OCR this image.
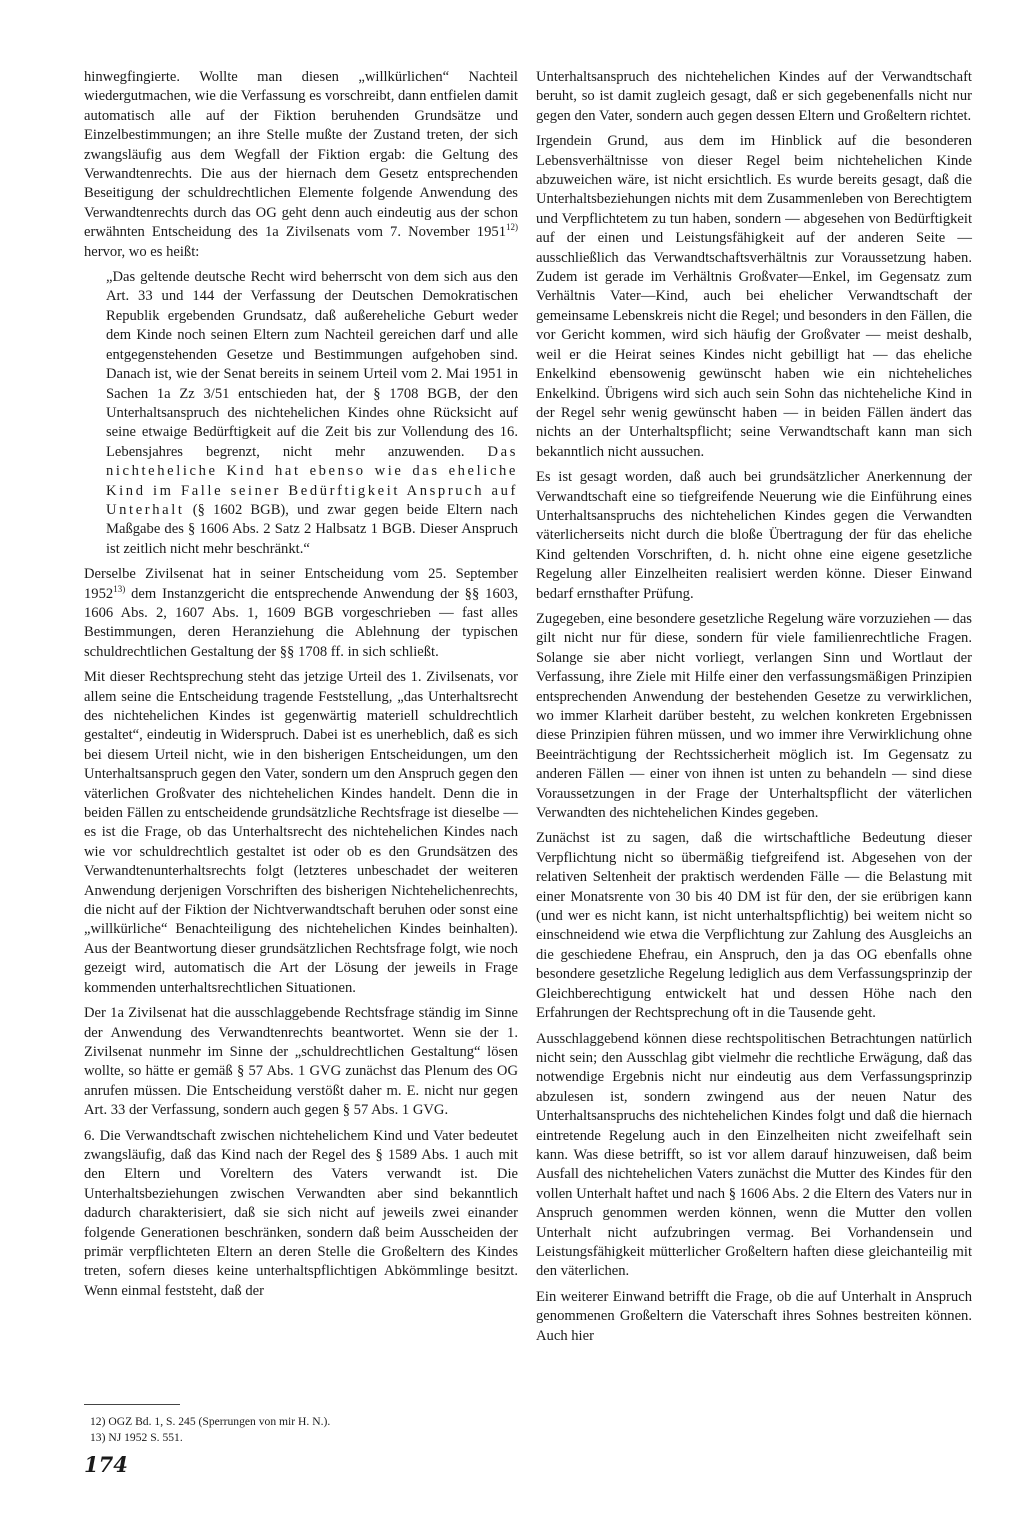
hinwegfingierte. Wollte man diesen „willkürlichen“ Nachteil wiedergutmachen, wie die Verfassung es vorschreibt, dann entfielen damit automatisch alle auf der Fiktion beruhenden Grundsätze und Einzelbestimmungen; an ihre Stelle mußte der Zustand treten, der sich zwangsläufig aus dem Wegfall der Fiktion ergab: die Geltung des Verwandtenrechts. Die aus der hiernach dem Gesetz entsprechenden Beseitigung der schuldrechtlichen Elemente folgende Anwendung des Verwandtenrechts durch das OG geht denn auch eindeutig aus der schon erwähnten Entscheidung des 1a Zivilsenats vom 7. November 1951$^{12)}$ hervor, wo es heißt:

„Das geltende deutsche Recht wird beherrscht von dem sich aus den Art. 33 und 144 der Verfassung der Deutschen Demokratischen Republik ergebenden Grundsatz, daß außereheliche Geburt weder dem Kinde noch seinen Eltern zum Nachteil gereichen darf und alle entgegenstehenden Gesetze und Bestimmungen aufgehoben sind. Danach ist, wie der Senat bereits in seinem Urteil vom 2. Mai 1951 in Sachen 1a Zz 3/51 entschieden hat, der § 1708 BGB, der den Unterhaltsanspruch des nichtehelichen Kindes ohne Rücksicht auf seine etwaige Bedürftigkeit auf die Zeit bis zur Vollendung des 16. Lebensjahres begrenzt, nicht mehr anzuwenden. Das nichteheliche Kind hat ebenso wie das eheliche Kind im Falle seiner Bedürftigkeit Anspruch auf Unterhalt (§ 1602 BGB), und zwar gegen beide Eltern nach Maßgabe des § 1606 Abs. 2 Satz 2 Halbsatz 1 BGB. Dieser Anspruch ist zeitlich nicht mehr beschränkt.“

Derselbe Zivilsenat hat in seiner Entscheidung vom 25. September 1952$^{13)}$ dem Instanzgericht die entsprechende Anwendung der §§ 1603, 1606 Abs. 2, 1607 Abs. 1, 1609 BGB vorgeschrieben — fast alles Bestimmungen, deren Heranziehung die Ablehnung der typischen schuldrechtlichen Gestaltung der §§ 1708 ff. in sich schließt.

Mit dieser Rechtsprechung steht das jetzige Urteil des 1. Zivilsenats, vor allem seine die Entscheidung tragende Feststellung, „das Unterhaltsrecht des nichtehelichen Kindes ist gegenwärtig materiell schuldrechtlich gestaltet“, eindeutig in Widerspruch. Dabei ist es unerheblich, daß es sich bei diesem Urteil nicht, wie in den bisherigen Entscheidungen, um den Unterhaltsanspruch gegen den Vater, sondern um den Anspruch gegen den väterlichen Großvater des nichtehelichen Kindes handelt. Denn die in beiden Fällen zu entscheidende grundsätzliche Rechtsfrage ist dieselbe — es ist die Frage, ob das Unterhaltsrecht des nichtehelichen Kindes nach wie vor schuldrechtlich gestaltet ist oder ob es den Grundsätzen des Verwandtenunterhaltsrechts folgt (letzteres unbeschadet der weiteren Anwendung derjenigen Vorschriften des bisherigen Nichtehelichenrechts, die nicht auf der Fiktion der Nichtverwandtschaft beruhen oder sonst eine „willkürliche“ Benachteiligung des nichtehelichen Kindes beinhalten). Aus der Beantwortung dieser grundsätzlichen Rechtsfrage folgt, wie noch gezeigt wird, automatisch die Art der Lösung der jeweils in Frage kommenden unterhaltsrechtlichen Situationen.

Der 1a Zivilsenat hat die ausschlaggebende Rechtsfrage ständig im Sinne der Anwendung des Verwandtenrechts beantwortet. Wenn sie der 1. Zivilsenat nunmehr im Sinne der „schuldrechtlichen Gestaltung“ lösen wollte, so hätte er gemäß § 57 Abs. 1 GVG zunächst das Plenum des OG anrufen müssen. Die Entscheidung verstößt daher m. E. nicht nur gegen Art. 33 der Verfassung, sondern auch gegen § 57 Abs. 1 GVG.

6. Die Verwandtschaft zwischen nichtehelichem Kind und Vater bedeutet zwangsläufig, daß das Kind nach der Regel des § 1589 Abs. 1 auch mit den Eltern und Voreltern des Vaters verwandt ist. Die Unterhaltsbeziehungen zwischen Verwandten aber sind bekanntlich dadurch charakterisiert, daß sie sich nicht auf jeweils zwei einander folgende Generationen beschränken, sondern daß beim Ausscheiden der primär verpflichteten Eltern an deren Stelle die Großeltern des Kindes treten, sofern dieses keine unterhaltspflichtigen Abkömmlinge besitzt. Wenn einmal feststeht, daß der

Unterhaltsanspruch des nichtehelichen Kindes auf der Verwandtschaft beruht, so ist damit zugleich gesagt, daß er sich gegebenenfalls nicht nur gegen den Vater, sondern auch gegen dessen Eltern und Großeltern richtet.

Irgendein Grund, aus dem im Hinblick auf die besonderen Lebensverhältnisse von dieser Regel beim nichtehelichen Kinde abzuweichen wäre, ist nicht ersichtlich. Es wurde bereits gesagt, daß die Unterhaltsbeziehungen nichts mit dem Zusammenleben von Berechtigtem und Verpflichtetem zu tun haben, sondern — abgesehen von Bedürftigkeit auf der einen und Leistungsfähigkeit auf der anderen Seite — ausschließlich das Verwandtschaftsverhältnis zur Voraussetzung haben. Zudem ist gerade im Verhältnis Großvater—Enkel, im Gegensatz zum Verhältnis Vater—Kind, auch bei ehelicher Verwandtschaft der gemeinsame Lebenskreis nicht die Regel; und besonders in den Fällen, die vor Gericht kommen, wird sich häufig der Großvater — meist deshalb, weil er die Heirat seines Kindes nicht gebilligt hat — das eheliche Enkelkind ebensowenig gewünscht haben wie ein nichteheliches Enkelkind. Übrigens wird sich auch sein Sohn das nichteheliche Kind in der Regel sehr wenig gewünscht haben — in beiden Fällen ändert das nichts an der Unterhaltspflicht; seine Verwandtschaft kann man sich bekanntlich nicht aussuchen.

Es ist gesagt worden, daß auch bei grundsätzlicher Anerkennung der Verwandtschaft eine so tiefgreifende Neuerung wie die Einführung eines Unterhaltsanspruchs des nichtehelichen Kindes gegen die Verwandten väterlicherseits nicht durch die bloße Übertragung der für das eheliche Kind geltenden Vorschriften, d. h. nicht ohne eine eigene gesetzliche Regelung aller Einzelheiten realisiert werden könne. Dieser Einwand bedarf ernsthafter Prüfung.

Zugegeben, eine besondere gesetzliche Regelung wäre vorzuziehen — das gilt nicht nur für diese, sondern für viele familienrechtliche Fragen. Solange sie aber nicht vorliegt, verlangen Sinn und Wortlaut der Verfassung, ihre Ziele mit Hilfe einer den verfassungsmäßigen Prinzipien entsprechenden Anwendung der bestehenden Gesetze zu verwirklichen, wo immer Klarheit darüber besteht, zu welchen konkreten Ergebnissen diese Prinzipien führen müssen, und wo immer ihre Verwirklichung ohne Beeinträchtigung der Rechtssicherheit möglich ist. Im Gegensatz zu anderen Fällen — einer von ihnen ist unten zu behandeln — sind diese Voraussetzungen in der Frage der Unterhaltspflicht der väterlichen Verwandten des nichtehelichen Kindes gegeben.

Zunächst ist zu sagen, daß die wirtschaftliche Bedeutung dieser Verpflichtung nicht so übermäßig tiefgreifend ist. Abgesehen von der relativen Seltenheit der praktisch werdenden Fälle — die Belastung mit einer Monatsrente von 30 bis 40 DM ist für den, der sie erübrigen kann (und wer es nicht kann, ist nicht unterhaltspflichtig) bei weitem nicht so einschneidend wie etwa die Verpflichtung zur Zahlung des Ausgleichs an die geschiedene Ehefrau, ein Anspruch, den ja das OG ebenfalls ohne besondere gesetzliche Regelung lediglich aus dem Verfassungsprinzip der Gleichberechtigung entwickelt hat und dessen Höhe nach den Erfahrungen der Rechtsprechung oft in die Tausende geht.

Ausschlaggebend können diese rechtspolitischen Betrachtungen natürlich nicht sein; den Ausschlag gibt vielmehr die rechtliche Erwägung, daß das notwendige Ergebnis nicht nur eindeutig aus dem Verfassungsprinzip abzulesen ist, sondern zwingend aus der neuen Natur des Unterhaltsanspruchs des nichtehelichen Kindes folgt und daß die hiernach eintretende Regelung auch in den Einzelheiten nicht zweifelhaft sein kann. Was diese betrifft, so ist vor allem darauf hinzuweisen, daß beim Ausfall des nichtehelichen Vaters zunächst die Mutter des Kindes für den vollen Unterhalt haftet und nach § 1606 Abs. 2 die Eltern des Vaters nur in Anspruch genommen werden können, wenn die Mutter den vollen Unterhalt nicht aufzubringen vermag. Bei Vorhandensein und Leistungsfähigkeit mütterlicher Großeltern haften diese gleichanteilig mit den väterlichen.

Ein weiterer Einwand betrifft die Frage, ob die auf Unterhalt in Anspruch genommenen Großeltern die Vaterschaft ihres Sohnes bestreiten können. Auch hier

12) OGZ Bd. 1, S. 245 (Sperrungen von mir H. N.).
13) NJ 1952 S. 551.
174
